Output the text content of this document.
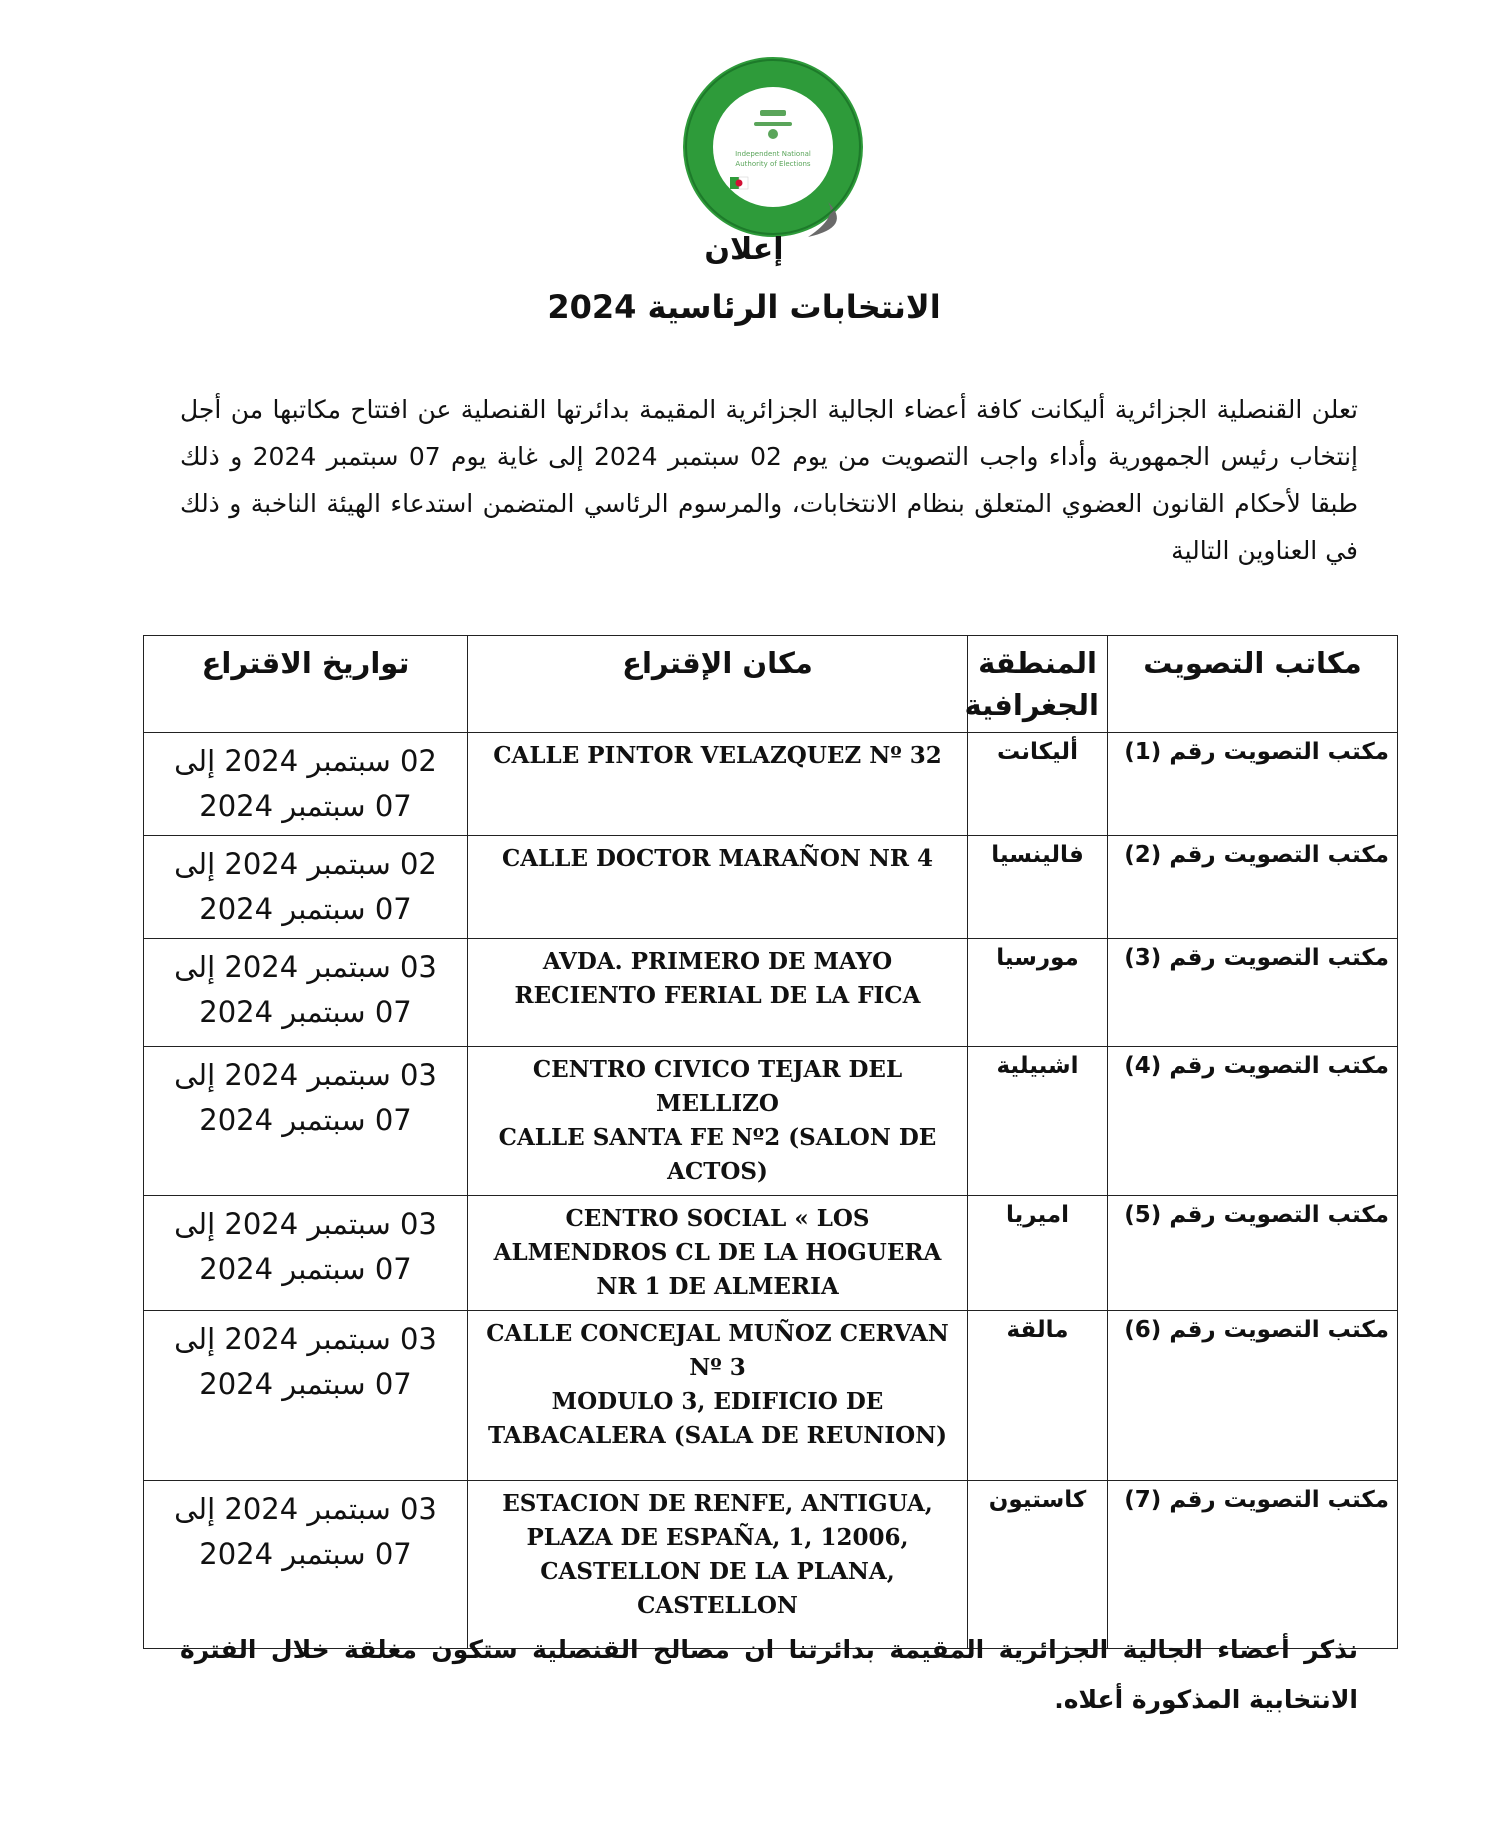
Independent National
Authority of Elections
إعلان
الانتخابات الرئاسية 2024

تعلن القنصلية الجزائرية أليكانت كافة أعضاء الجالية الجزائرية المقيمة بدائرتها القنصلية عن افتتاح مكاتبها من أجل إنتخاب رئيس الجمهورية وأداء واجب التصويت من يوم 02 سبتمبر 2024 إلى غاية يوم 07 سبتمبر 2024 و ذلك طبقا لأحكام القانون العضوي المتعلق بنظام الانتخابات، والمرسوم الرئاسي المتضمن استدعاء الهيئة الناخبة و ذلك في العناوين التالية

مكاتب التصويت	المنطقة الجغرافية	مكان الإقتراع	تواريخ الاقتراع
مكتب التصويت رقم (1)	أليكانت	CALLE PINTOR VELAZQUEZ Nº 32	02 سبتمبر 2024 إلى
07 سبتمبر 2024

مكتب التصويت رقم (2)	فالينسيا	CALLE DOCTOR MARAÑON NR 4	02 سبتمبر 2024 إلى
07 سبتمبر 2024

مكتب التصويت رقم (3)	مورسيا	AVDA. PRIMERO DE MAYO
RECIENTO FERIAL DE LA FICA	03 سبتمبر 2024 إلى
07 سبتمبر 2024

مكتب التصويت رقم (4)	اشبيلية	CENTRO CIVICO TEJAR DEL MELLIZO
CALLE SANTA FE Nº2 (SALON DE ACTOS)	03 سبتمبر 2024 إلى
07 سبتمبر 2024

مكتب التصويت رقم (5)	اميريا	CENTRO SOCIAL « LOS ALMENDROS CL DE LA HOGUERA NR 1 DE ALMERIA	03 سبتمبر 2024 إلى
07 سبتمبر 2024

مكتب التصويت رقم (6)	مالقة	CALLE CONCEJAL MUÑOZ CERVAN Nº 3
MODULO 3, EDIFICIO DE TABACALERA (SALA DE REUNION)	03 سبتمبر 2024 إلى
07 سبتمبر 2024

مكتب التصويت رقم (7)	كاستيون	ESTACION DE RENFE, ANTIGUA, PLAZA DE ESPAÑA, 1, 12006, CASTELLON DE LA PLANA, CASTELLON	03 سبتمبر 2024 إلى
07 سبتمبر 2024

نذكر أعضاء الجالية الجزائرية المقيمة بدائرتنا ان مصالح القنصلية ستكون مغلقة خلال الفترة الانتخابية المذكورة أعلاه.
